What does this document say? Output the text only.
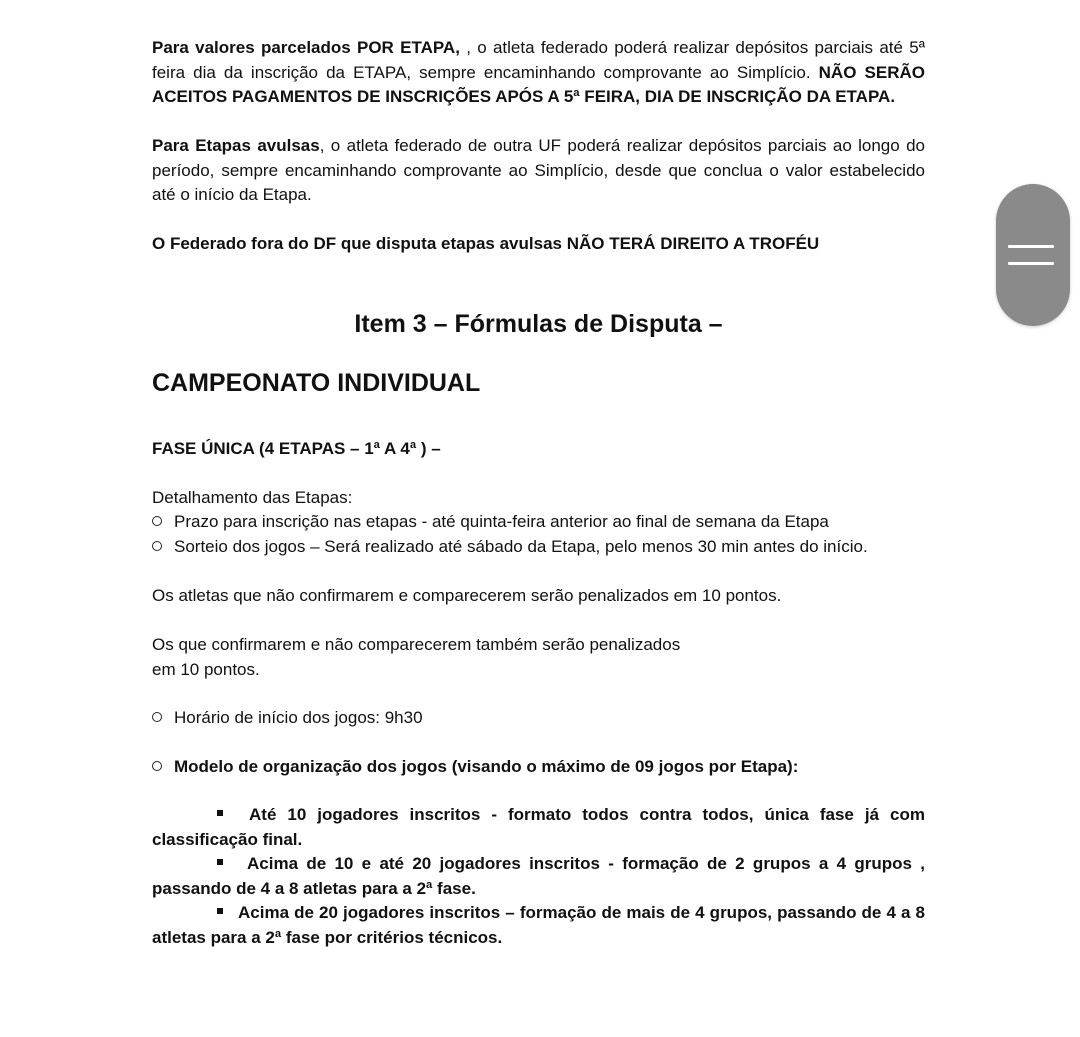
Para valores parcelados POR ETAPA, , o atleta federado poderá realizar depósitos parciais até 5ª feira dia da inscrição da ETAPA, sempre encaminhando comprovante ao Simplício. NÃO SERÃO ACEITOS PAGAMENTOS DE INSCRIÇÕES APÓS A 5ª FEIRA, DIA DE INSCRIÇÃO DA ETAPA.

Para Etapas avulsas, o atleta federado de outra UF poderá realizar depósitos parciais ao longo do período, sempre encaminhando comprovante ao Simplício, desde que conclua o valor estabelecido até o início da Etapa.

O Federado fora do DF que disputa etapas avulsas NÃO TERÁ DIREITO A TROFÉU

Item 3 – Fórmulas de Disputa –
CAMPEONATO INDIVIDUAL

FASE ÚNICA (4 ETAPAS – 1ª A 4ª ) –

Detalhamento das Etapas:

Prazo para inscrição nas etapas - até quinta-feira anterior ao final de semana da Etapa

Sorteio dos jogos – Será realizado até sábado da Etapa, pelo menos 30 min antes do início.

Os atletas que não confirmarem e comparecerem serão penalizados em 10 pontos.

Os que confirmarem e não comparecerem também serão penalizados

em 10 pontos.

Horário de início dos jogos: 9h30

Modelo de organização dos jogos (visando o máximo de 09 jogos por Etapa):

Até 10 jogadores inscritos - formato todos contra todos, única fase já com classificação final.

Acima de 10 e até 20 jogadores inscritos - formação de 2 grupos a 4 grupos , passando de 4 a 8 atletas para a 2ª fase.

Acima de 20 jogadores inscritos – formação de mais de 4 grupos, passando de 4 a 8 atletas para a 2ª fase por critérios técnicos.
